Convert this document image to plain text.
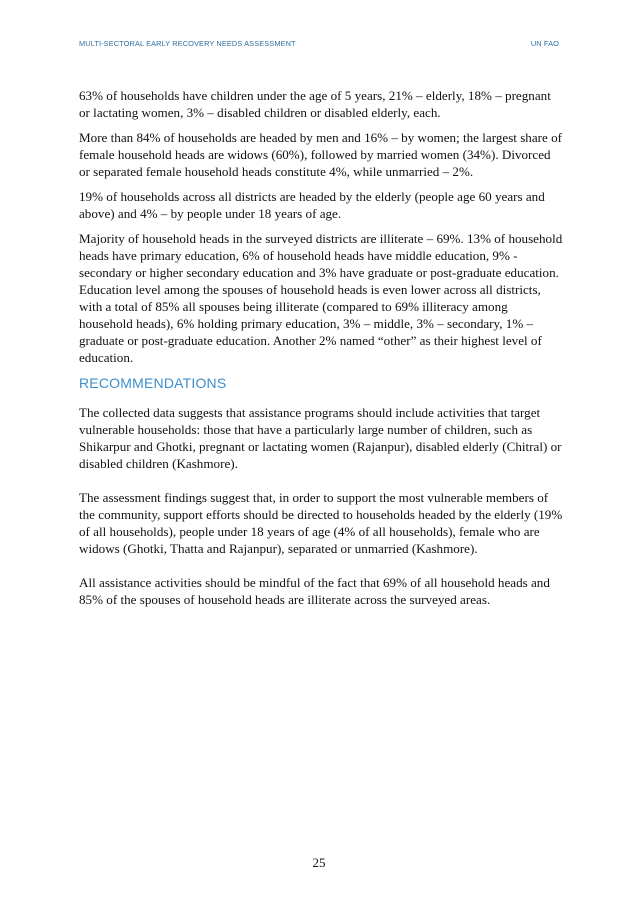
MULTI-SECTORAL EARLY RECOVERY NEEDS ASSESSMENT	UN FAO

63% of households have children under the age of 5 years, 21% – elderly, 18% – pregnant or lactating women, 3% – disabled children or disabled elderly, each.

More than 84% of households are headed by men and 16% – by women; the largest share of female household heads are widows (60%), followed by married women (34%). Divorced or separated female household heads constitute 4%, while unmarried – 2%.

19% of households across all districts are headed by the elderly (people age 60 years and above) and 4% – by people under 18 years of age.

Majority of household heads in the surveyed districts are illiterate – 69%. 13% of household heads have primary education, 6% of household heads have middle education, 9% - secondary or higher secondary education and 3% have graduate or post-graduate education. Education level among the spouses of household heads is even lower across all districts, with a total of 85% all spouses being illiterate (compared to 69% illiteracy among household heads), 6% holding primary education, 3% – middle, 3% – secondary, 1% – graduate or post-graduate education. Another 2% named “other” as their highest level of education.

RECOMMENDATIONS

The collected data suggests that assistance programs should include activities that target vulnerable households: those that have a particularly large number of children, such as Shikarpur and Ghotki, pregnant or lactating women (Rajanpur), disabled elderly (Chitral) or disabled children (Kashmore).

The assessment findings suggest that, in order to support the most vulnerable members of the community, support efforts should be directed to households headed by the elderly (19% of all households), people under 18 years of age (4% of all households), female who are widows (Ghotki, Thatta and Rajanpur), separated or unmarried (Kashmore).

All assistance activities should be mindful of the fact that 69% of all household heads and 85% of the spouses of household heads are illiterate across the surveyed areas.

25
